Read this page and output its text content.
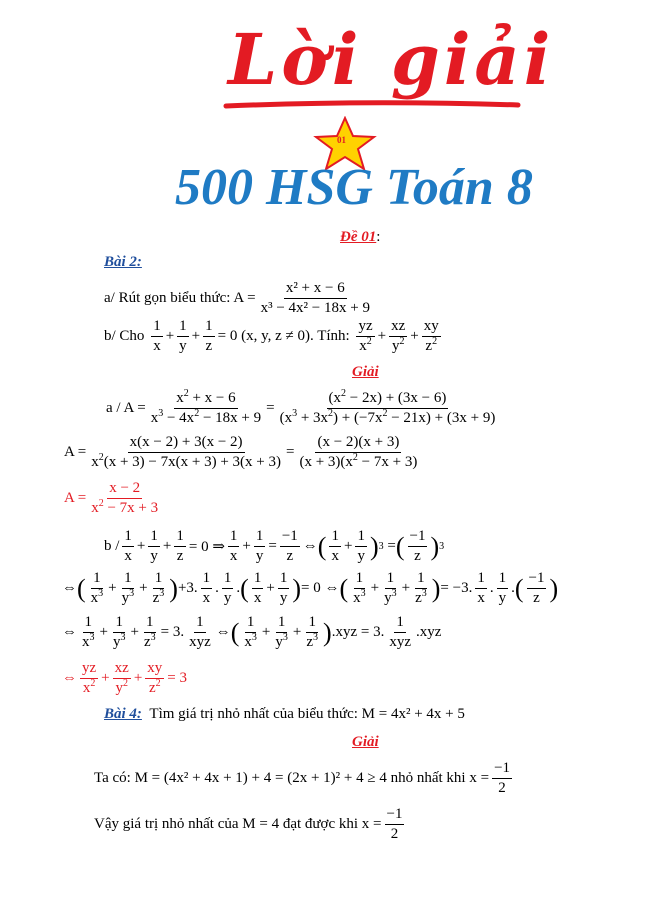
Lời giải
01
500 HSG Toán 8
Đề 01:
Bài 2:
a/ Rút gọn biểu thức: $A = \frac{\text{x² + x − 6}}{\text{x³ − 4x² − 18x + 9}}$
b/ Cho
$\frac{1}{x} + \frac{1}{y} + \frac{1}{z} = 0$ (x, y, z ≠ 0). Tính:
$\frac{yz}{x^2} + \frac{xz}{y^2} + \frac{xy}{z^2}$
Giải
$a / A = \frac{x^2 + x - 6}{x^3 - 4x^2 - 18x + 9} = \frac{(x^2 - 2x) + (3x - 6)}{(x^3 + 3x^2) + (-7x^2 - 21x) + (3x + 9)}$
$A = \frac{x(x - 2) + 3(x - 2)}{x^2(x + 3) - 7x(x + 3) + 3(x + 3)} = \frac{(x - 2)(x + 3)}{(x + 3)(x^2 - 7x + 3)}$
$A = \frac{x - 2}{x^2 - 7x + 3}$
$b / \frac{1}{x} + \frac{1}{y} + \frac{1}{z} = 0$ ⇒ $\frac{1}{x} + \frac{1}{y} = \frac{-1}{z}$ ⇔ ( $\frac{1}{x} + \frac{1}{y}$ ) 3 = ( $\frac{-1}{z}$ ) 3
⇔ ( $\frac{1}{x^3} + \frac{1}{y^3} + \frac{1}{z^3}$ ) +3. $\frac{1}{x}$ . $\frac{1}{y}$ . ( $\frac{1}{x} + \frac{1}{y}$ ) = 0 ⇔ ( $\frac{1}{x^3} + \frac{1}{y^3} + \frac{1}{z^3}$ ) = −3. $\frac{1}{x}$ . $\frac{1}{y}$ . ( $\frac{-1}{z}$ )
⇔ $\frac{1}{x^3} + \frac{1}{y^3} + \frac{1}{z^3} = 3$. $\frac{1}{\text{xyz}}$ ⇔ ( $\frac{1}{x^3} + \frac{1}{y^3} + \frac{1}{z^3}$ ) .xyz = 3. $\frac{1}{\text{xyz}} .xyz$
⇔ $\frac{yz}{x^2} + \frac{xz}{y^2} + \frac{xy}{z^2} = 3$
Bài 4:
Tìm giá trị nhỏ nhất của biểu thức: M = 4x² + 4x + 5
Giải
Ta có: M = (4x² + 4x + 1) + 4 = (2x + 1)² + 4 ≥ 4 nhỏ nhất khi $x = \frac{-1}{2}$
Vậy giá trị nhỏ nhất của M = 4 đạt được khi $x = \frac{-1}{2}$
